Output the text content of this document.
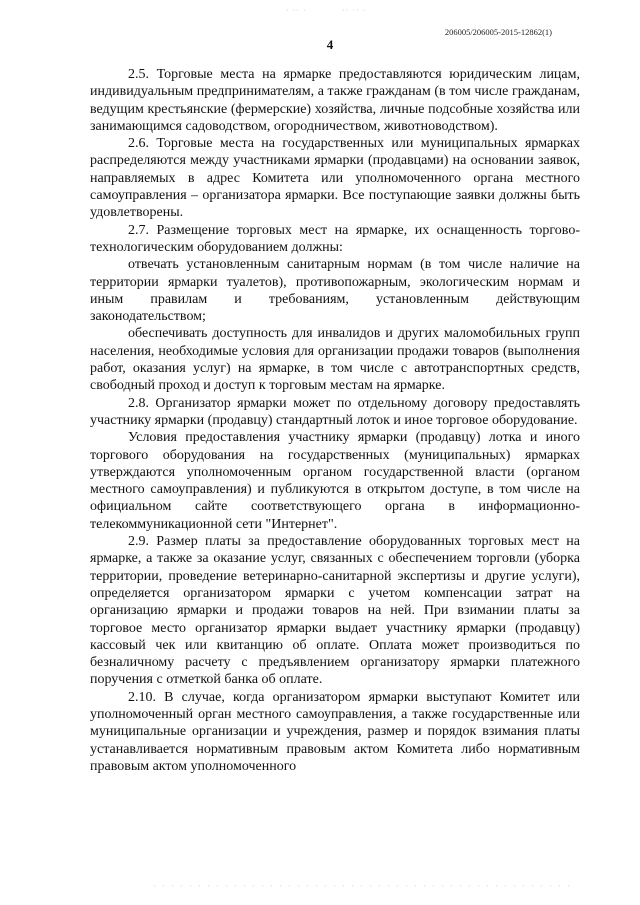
· ·· ·	·· ·· ·
206005/206005-2015-12862(1)
4

2.5. Торговые места на ярмарке предоставляются юридическим лицам, индивидуальным предпринимателям, а также гражданам (в том числе гражданам, ведущим крестьянские (фермерские) хозяйства, личные подсобные хозяйства или занимающимся садоводством, огородничеством, животноводством).

2.6. Торговые места на государственных или муниципальных ярмарках распределяются между участниками ярмарки (продавцами) на основании заявок, направляемых в адрес Комитета или уполномоченного органа местного самоуправления – организатора ярмарки. Все поступающие заявки должны быть удовлетворены.

2.7. Размещение торговых мест на ярмарке, их оснащенность торгово-технологическим оборудованием должны:

отвечать установленным санитарным нормам (в том числе наличие на территории ярмарки туалетов), противопожарным, экологическим нормам и иным правилам и требованиям, установленным действующим законодательством;

обеспечивать доступность для инвалидов и других маломобильных групп населения, необходимые условия для организации продажи товаров (выполнения работ, оказания услуг) на ярмарке, в том числе с автотранспортных средств, свободный проход и доступ к торговым местам на ярмарке.

2.8. Организатор ярмарки может по отдельному договору предоставлять участнику ярмарки (продавцу) стандартный лоток и иное торговое оборудование.

Условия предоставления участнику ярмарки (продавцу) лотка и иного торгового оборудования на государственных (муниципальных) ярмарках утверждаются уполномоченным органом государственной власти (органом местного самоуправления) и публикуются в открытом доступе, в том числе на официальном сайте соответствующего органа в информационно-телекоммуникационной сети "Интернет".

2.9. Размер платы за предоставление оборудованных торговых мест на ярмарке, а также за оказание услуг, связанных с обеспечением торговли (уборка территории, проведение ветеринарно-санитарной экспертизы и другие услуги), определяется организатором ярмарки с учетом компенсации затрат на организацию ярмарки и продажи товаров на ней. При взимании платы за торговое место организатор ярмарки выдает участнику ярмарки (продавцу) кассовый чек или квитанцию об оплате. Оплата может производиться по безналичному расчету с предъявлением организатору ярмарки платежного поручения с отметкой банка об оплате.

2.10. В случае, когда организатором ярмарки выступают Комитет или уполномоченный орган местного самоуправления, а также государственные или муниципальные организации и учреждения, размер и порядок взимания платы устанавливается нормативным правовым актом Комитета либо нормативным правовым актом уполномоченного
